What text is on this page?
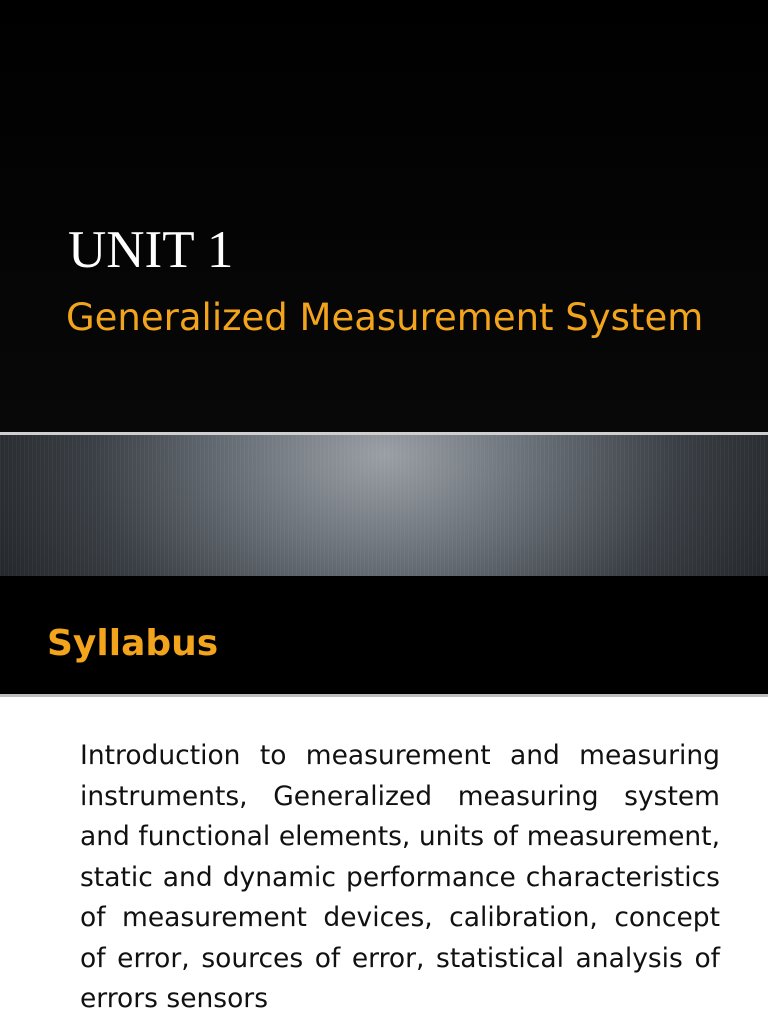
UNIT 1
Generalized Measurement System
Syllabus

Introduction to measurement and measuring instruments, Generalized measuring system and functional elements, units of measurement, static and dynamic performance characteristics of measurement devices, calibration, concept of error, sources of error, statistical analysis of errors sensors
